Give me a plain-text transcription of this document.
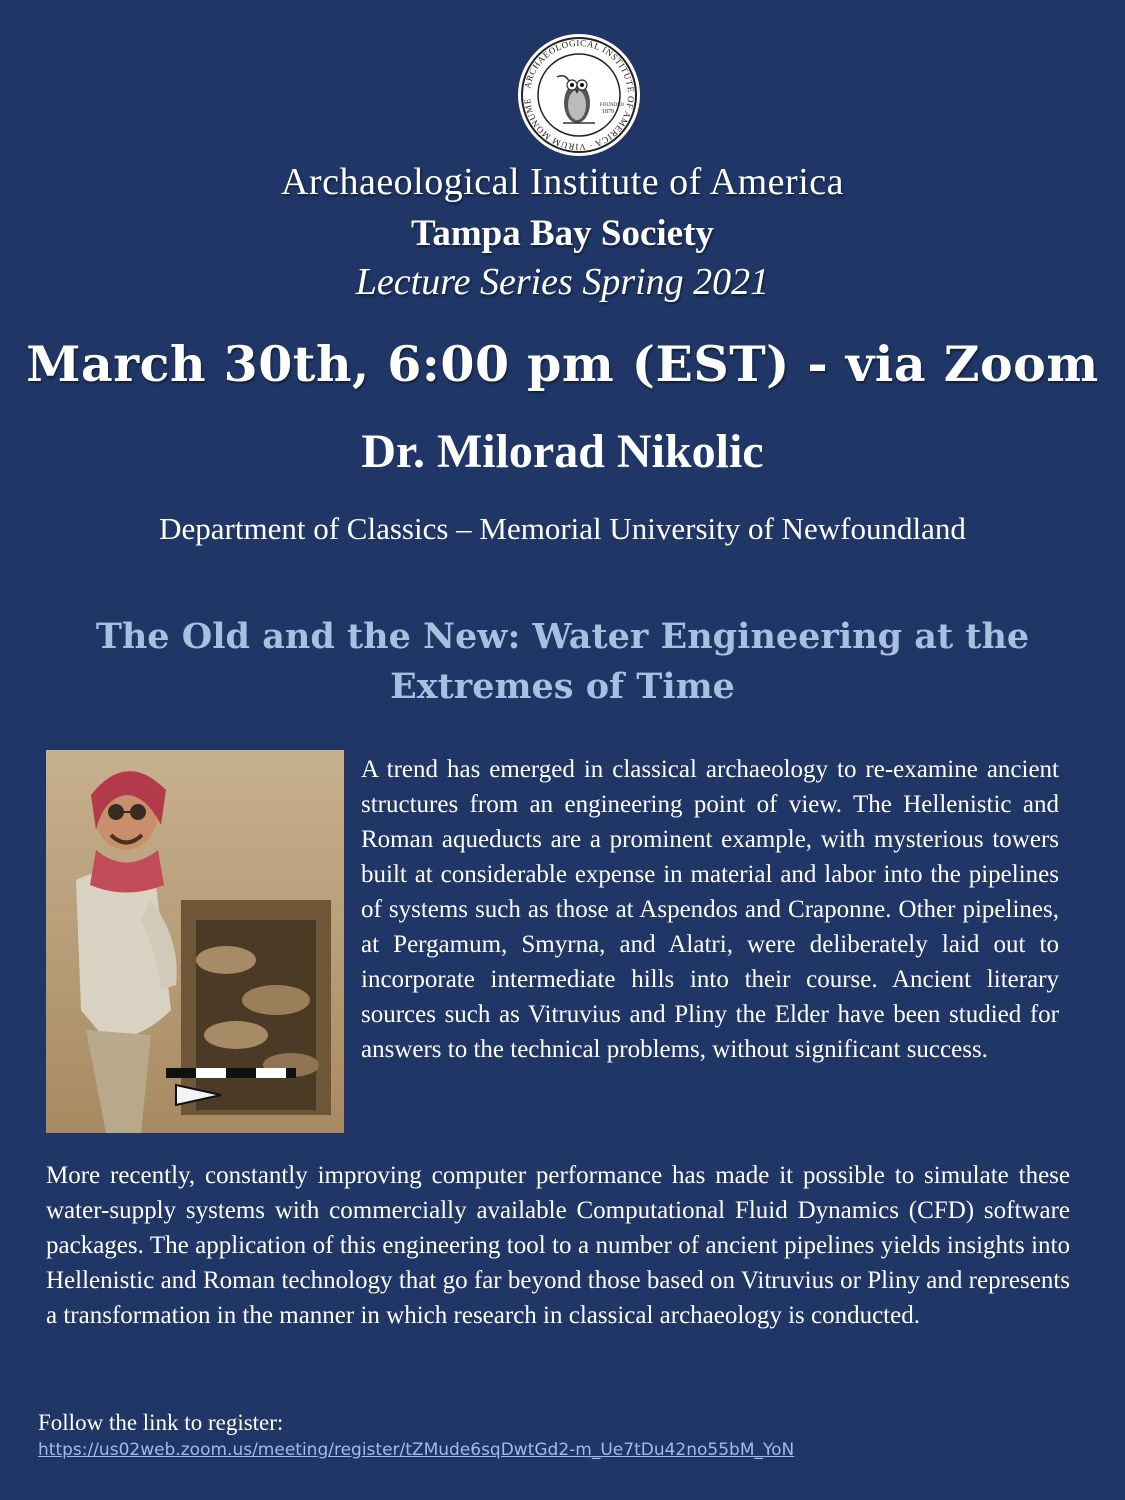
ARCHAEOLOGICAL INSTITUTE OF AMERICA · VIRUM MONUME
FOUNDED
1879
Archaeological Institute of America
Tampa Bay Society
Lecture Series Spring 2021
March 30th, 6:00 pm (EST) - via Zoom
Dr. Milorad Nikolic
Department of Classics – Memorial University of Newfoundland
The Old and the New: Water Engineering at the Extremes of Time

A trend has emerged in classical archaeology to re-examine ancient structures from an engineering point of view. The Hellenistic and Roman aqueducts are a prominent example, with mysterious towers built at considerable expense in material and labor into the pipelines of systems such as those at Aspendos and Craponne. Other pipelines, at Pergamum, Smyrna, and Alatri, were deliberately laid out to incorporate intermediate hills into their course. Ancient literary sources such as Vitruvius and Pliny the Elder have been studied for answers to the technical problems, without significant success.

More recently, constantly improving computer performance has made it possible to simulate these water-supply systems with commercially available Computational Fluid Dynamics (CFD) software packages. The application of this engineering tool to a number of ancient pipelines yields insights into Hellenistic and Roman technology that go far beyond those based on Vitruvius or Pliny and represents a transformation in the manner in which research in classical archaeology is conducted.

Follow the link to register:
https://us02web.zoom.us/meeting/register/tZMude6sqDwtGd2-m_Ue7tDu42no55bM_YoN
